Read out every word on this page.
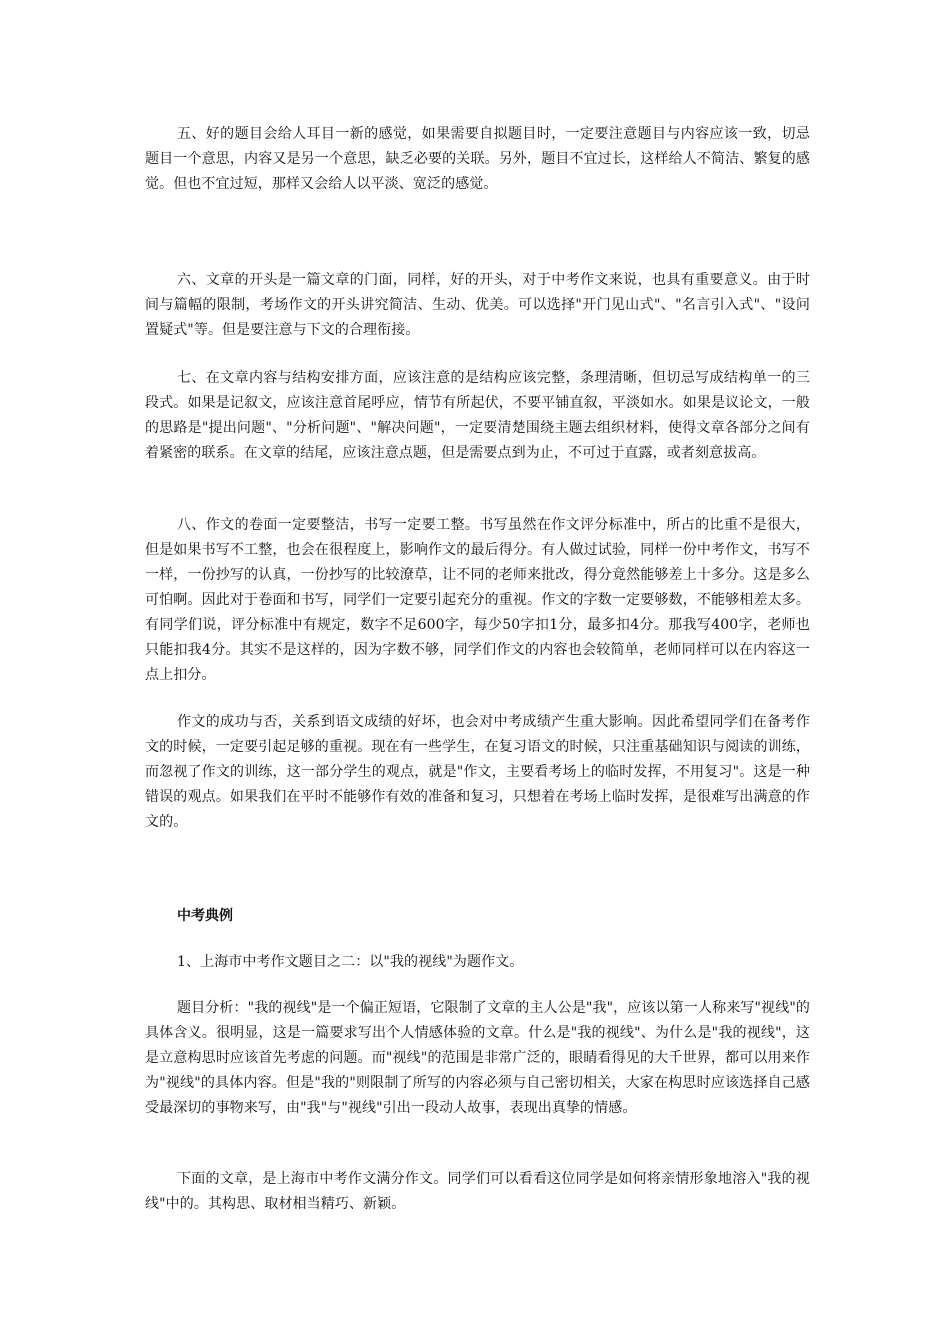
五、好的题目会给人耳目一新的感觉，如果需要自拟题目时，一定要注意题目与内容应该一致，切忌题目一个意思，内容又是另一个意思，缺乏必要的关联。另外，题目不宜过长，这样给人不简洁、繁复的感觉。但也不宜过短，那样又会给人以平淡、宽泛的感觉。

六、文章的开头是一篇文章的门面，同样，好的开头，对于中考作文来说，也具有重要意义。由于时间与篇幅的限制，考场作文的开头讲究简洁、生动、优美。可以选择"开门见山式"、"名言引入式"、"设问置疑式"等。但是要注意与下文的合理衔接。

七、在文章内容与结构安排方面，应该注意的是结构应该完整，条理清晰，但切忌写成结构单一的三段式。如果是记叙文，应该注意首尾呼应，情节有所起伏，不要平铺直叙，平淡如水。如果是议论文，一般的思路是"提出问题"、"分析问题"、"解决问题"，一定要清楚围绕主题去组织材料，使得文章各部分之间有着紧密的联系。在文章的结尾，应该注意点题，但是需要点到为止，不可过于直露，或者刻意拔高。

八、作文的卷面一定要整洁，书写一定要工整。书写虽然在作文评分标准中，所占的比重不是很大，但是如果书写不工整，也会在很程度上，影响作文的最后得分。有人做过试验，同样一份中考作文，书写不一样，一份抄写的认真，一份抄写的比较潦草，让不同的老师来批改，得分竟然能够差上十多分。这是多么可怕啊。因此对于卷面和书写，同学们一定要引起充分的重视。作文的字数一定要够数，不能够相差太多。有同学们说，评分标准中有规定，数字不足600字，每少50字扣1分，最多扣4分。那我写400字，老师也只能扣我4分。其实不是这样的，因为字数不够，同学们作文的内容也会较简单，老师同样可以在内容这一点上扣分。

作文的成功与否，关系到语文成绩的好坏，也会对中考成绩产生重大影响。因此希望同学们在备考作文的时候，一定要引起足够的重视。现在有一些学生，在复习语文的时候，只注重基础知识与阅读的训练，而忽视了作文的训练，这一部分学生的观点，就是"作文，主要看考场上的临时发挥，不用复习"。这是一种错误的观点。如果我们在平时不能够作有效的准备和复习，只想着在考场上临时发挥，是很难写出满意的作文的。

中考典例

1、上海市中考作文题目之二：以"我的视线"为题作文。

题目分析："我的视线"是一个偏正短语，它限制了文章的主人公是"我"，应该以第一人称来写"视线"的具体含义。很明显，这是一篇要求写出个人情感体验的文章。什么是"我的视线"、为什么是"我的视线"，这是立意构思时应该首先考虑的问题。而"视线"的范围是非常广泛的，眼睛看得见的大千世界，都可以用来作为"视线"的具体内容。但是"我的"则限制了所写的内容必须与自己密切相关，大家在构思时应该选择自己感受最深切的事物来写，由"我"与"视线"引出一段动人故事，表现出真挚的情感。

下面的文章，是上海市中考作文满分作文。同学们可以看看这位同学是如何将亲情形象地溶入"我的视线"中的。其构思、取材相当精巧、新颖。
